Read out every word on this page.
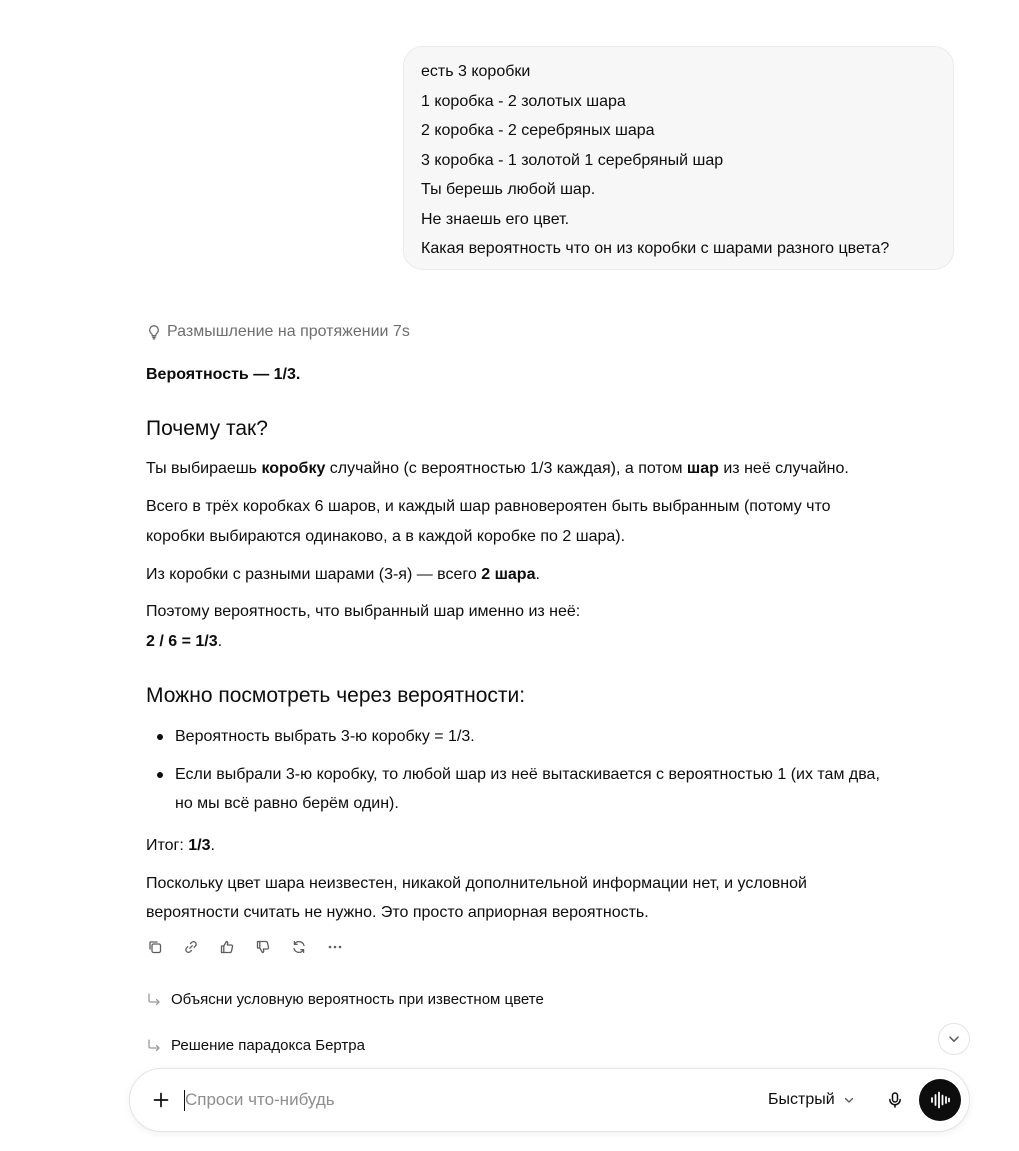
есть 3 коробки
1 коробка - 2 золотых шара
2 коробка - 2 серебряных шара
3 коробка - 1 золотой 1 серебряный шар
Ты берешь любой шар.
Не знаешь его цвет.
Какая вероятность что он из коробки с шарами разного цвета?
Размышление на протяжении 7s
Вероятность — 1/3.
Почему так?
Ты выбираешь коробку случайно (с вероятностью 1/3 каждая), а потом шар из неё случайно.
Всего в трёх коробках 6 шаров, и каждый шар равновероятен быть выбранным (потому что
коробки выбираются одинаково, а в каждой коробке по 2 шара).
Из коробки с разными шарами (3-я) — всего 2 шара.
Поэтому вероятность, что выбранный шар именно из неё:
2 / 6 = 1/3.
Можно посмотреть через вероятности:
Вероятность выбрать 3-ю коробку = 1/3.
Если выбрали 3-ю коробку, то любой шар из неё вытаскивается с вероятностью 1 (их там два,
но мы всё равно берём один).
Итог: 1/3.
Поскольку цвет шара неизвестен, никакой дополнительной информации нет, и условной
вероятности считать не нужно. Это просто априорная вероятность.
Объясни условную вероятность при известном цвете
Решение парадокса Бертра
Спроси что-нибудь
Быстрый
